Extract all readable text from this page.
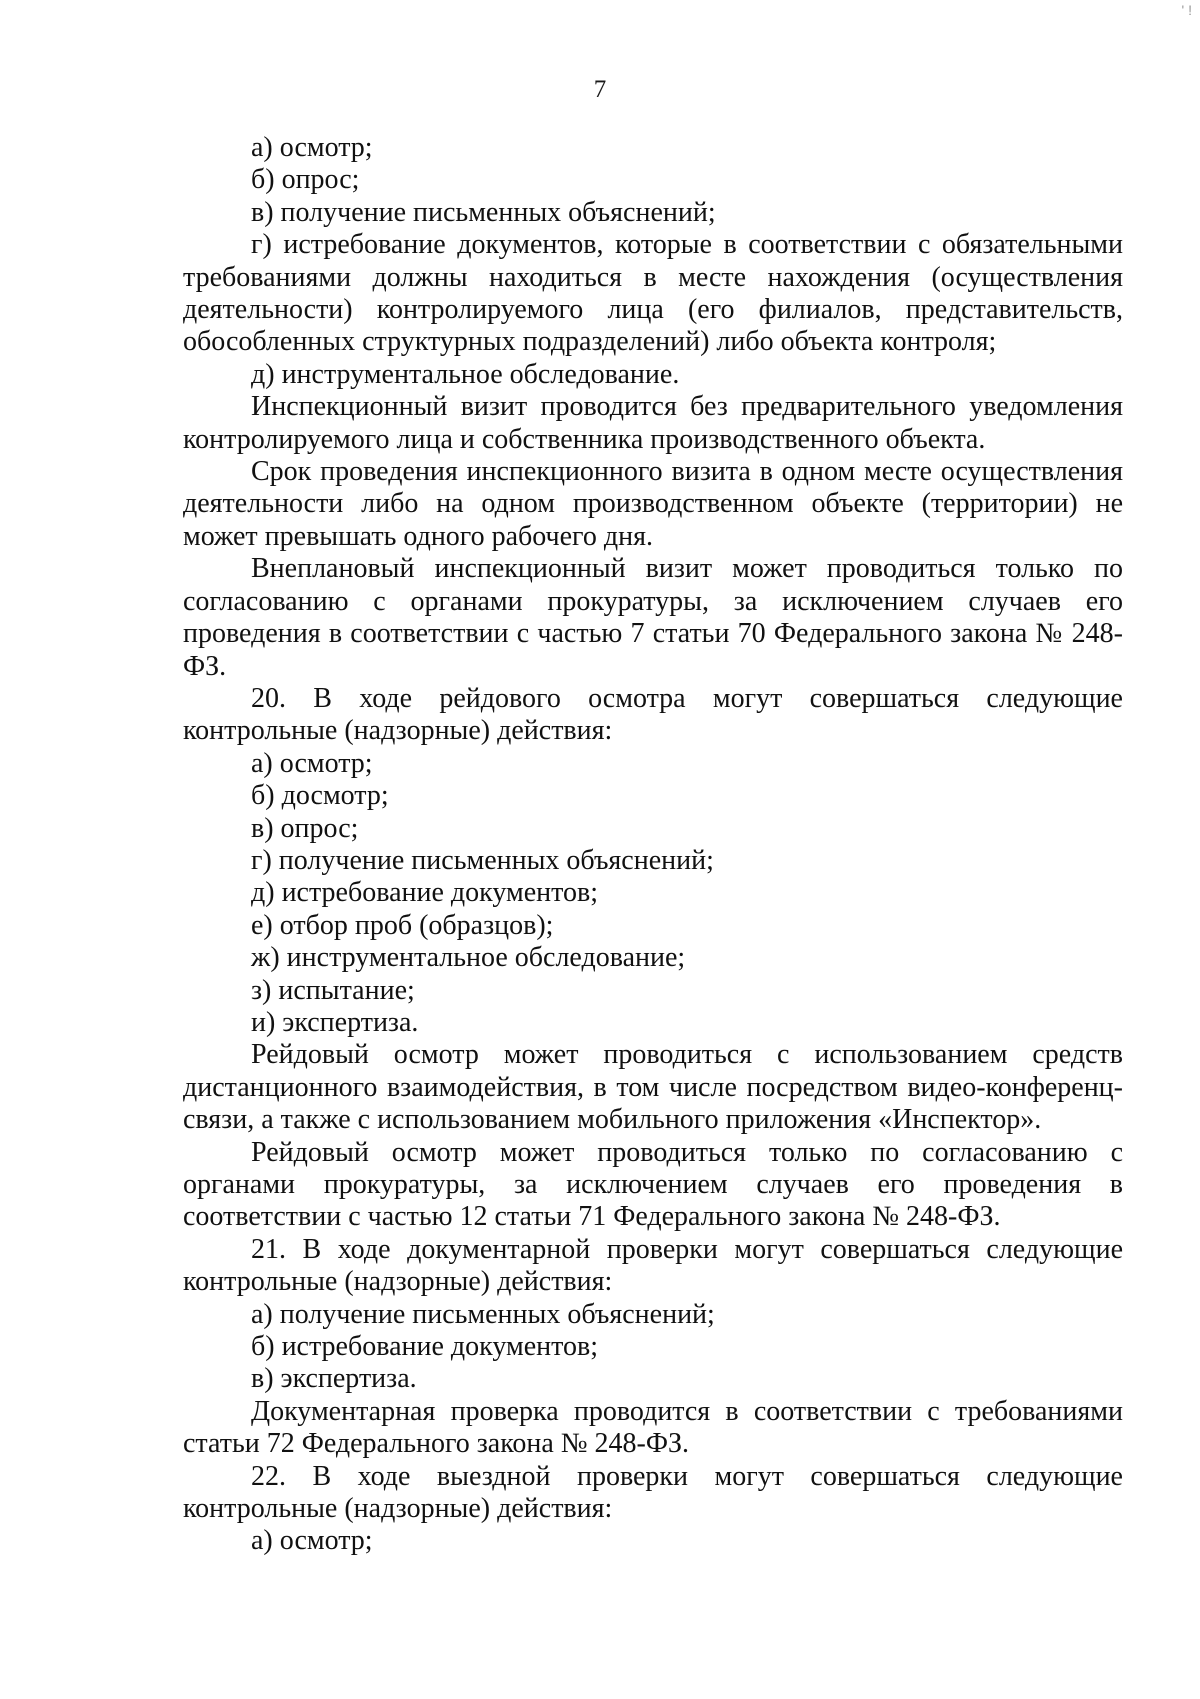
' !
7

а) осмотр;

б) опрос;

в) получение письменных объяснений;

г) истребование документов, которые в соответствии с обязательными требованиями должны находиться в месте нахождения (осуществления деятельности) контролируемого лица (его филиалов, представительств, обособленных структурных подразделений) либо объекта контроля;

д) инструментальное обследование.

Инспекционный визит проводится без предварительного уведомления контролируемого лица и собственника производственного объекта.

Срок проведения инспекционного визита в одном месте осуществления деятельности либо на одном производственном объекте (территории) не может превышать одного рабочего дня.

Внеплановый инспекционный визит может проводиться только по согласованию с органами прокуратуры, за исключением случаев его проведения в соответствии с частью 7 статьи 70 Федерального закона № 248-ФЗ.

20. В ходе рейдового осмотра могут совершаться следующие контрольные (надзорные) действия:

а) осмотр;

б) досмотр;

в) опрос;

г) получение письменных объяснений;

д) истребование документов;

е) отбор проб (образцов);

ж) инструментальное обследование;

з) испытание;

и) экспертиза.

Рейдовый осмотр может проводиться с использованием средств дистанционного взаимодействия, в том числе посредством видео-конференц-связи, а также с использованием мобильного приложения «Инспектор».

Рейдовый осмотр может проводиться только по согласованию с органами прокуратуры, за исключением случаев его проведения в соответствии с частью 12 статьи 71 Федерального закона № 248-ФЗ.

21. В ходе документарной проверки могут совершаться следующие контрольные (надзорные) действия:

а) получение письменных объяснений;

б) истребование документов;

в) экспертиза.

Документарная проверка проводится в соответствии с требованиями статьи 72 Федерального закона № 248-ФЗ.

22. В ходе выездной проверки могут совершаться следующие контрольные (надзорные) действия:

а) осмотр;
